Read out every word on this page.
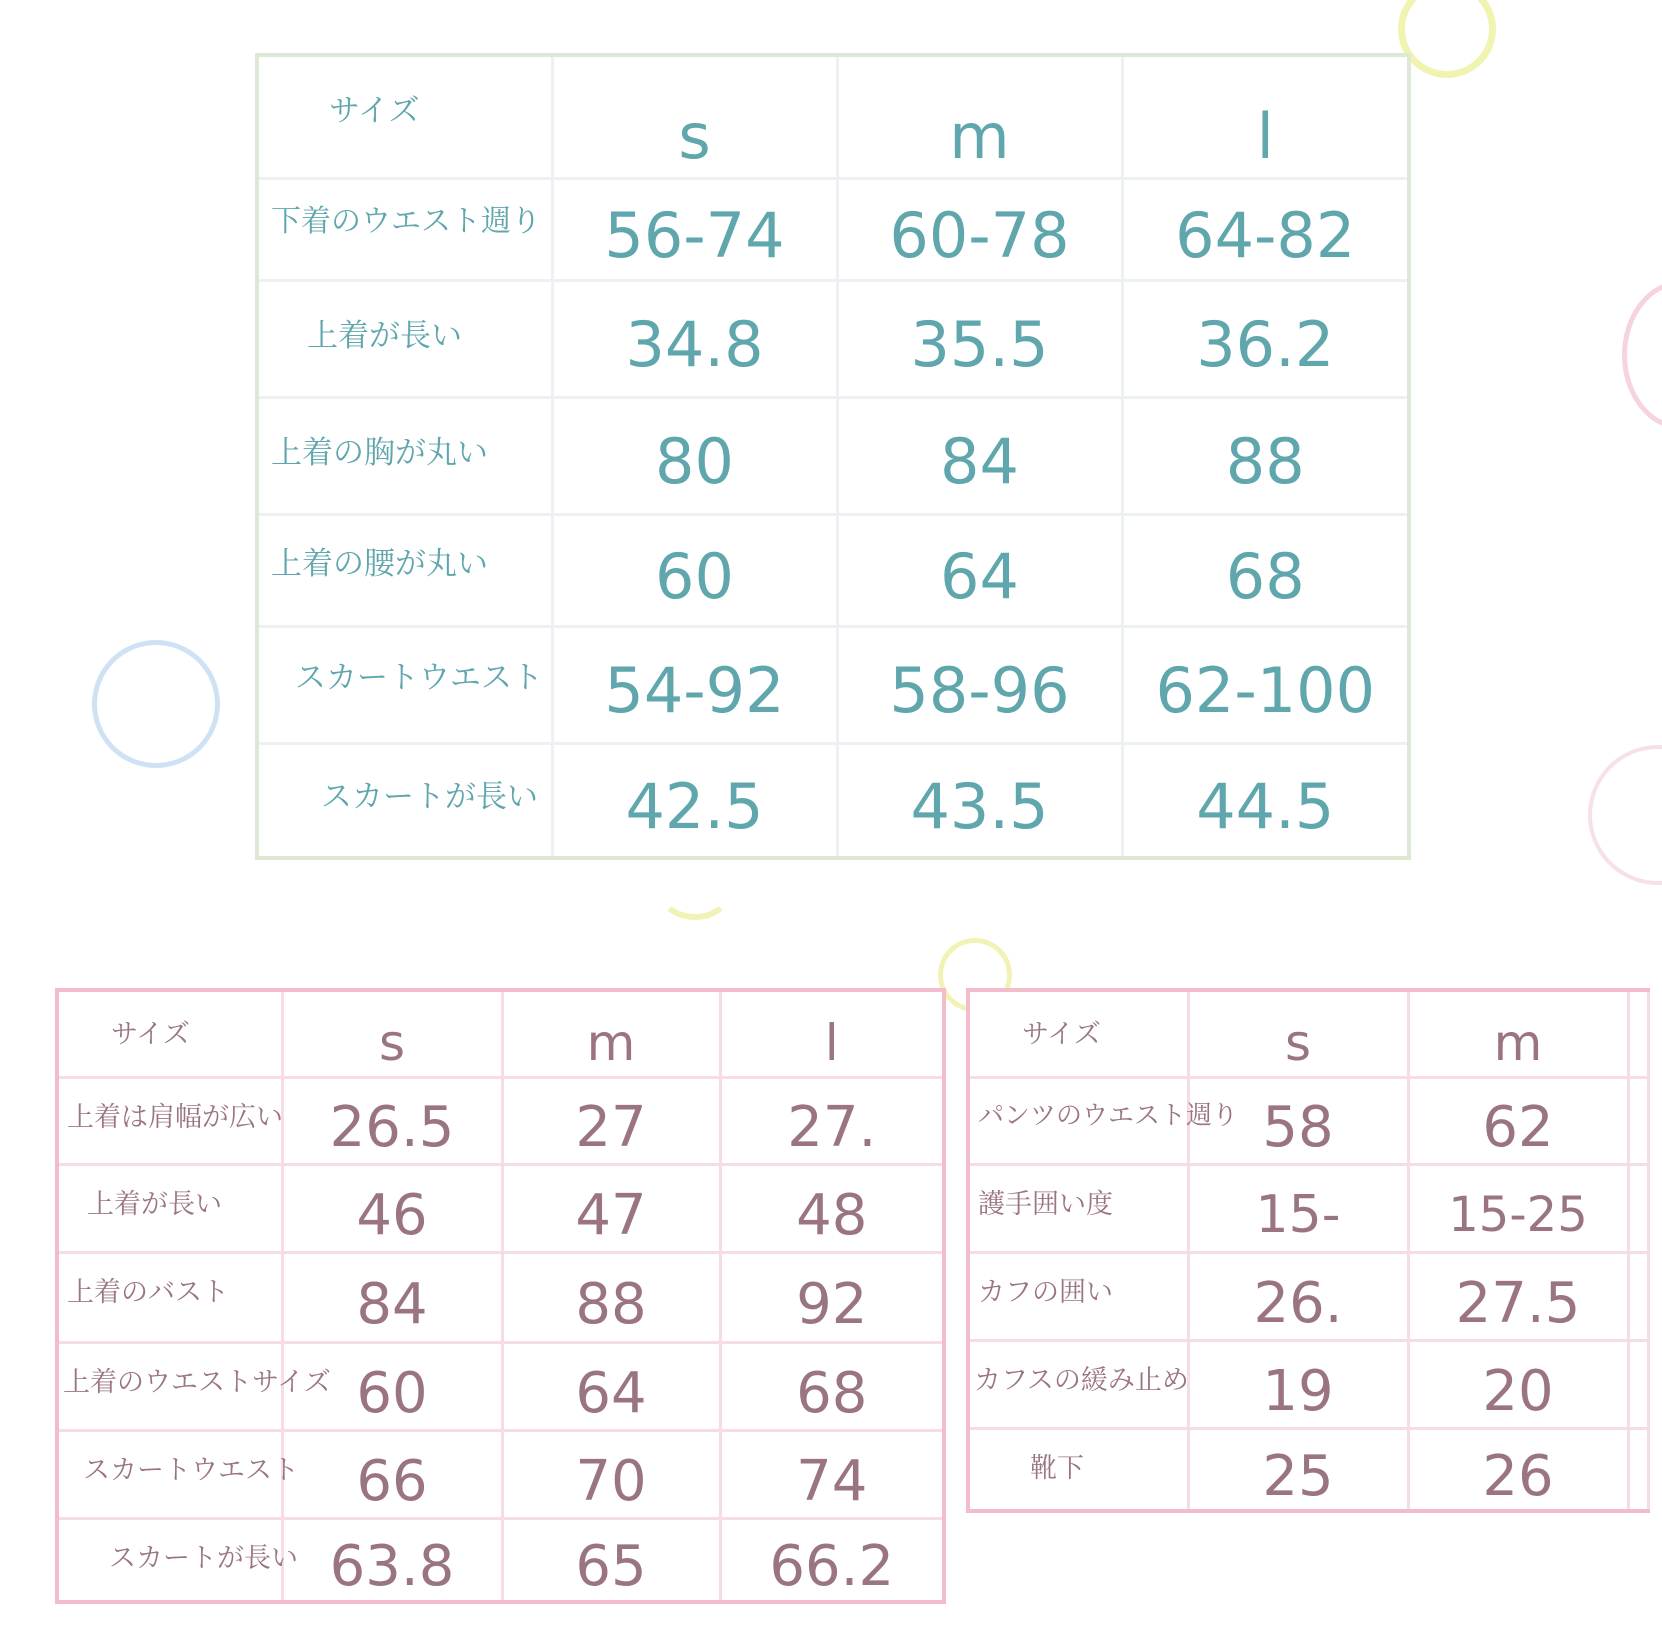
サイズ	s	m	l
下着のウエスト週り	56-74	60-78	64-82
上着が長い	34.8	35.5	36.2
上着の胸が丸い	80	84	88
上着の腰が丸い	60	64	68
スカートウエスト	54-92	58-96	62-100
スカートが長い	42.5	43.5	44.5
サイズ	s	m	l
上着は肩幅が広い	26.5	27	27.
上着が長い	46	47	48
上着のバスト	84	88	92
上着のウエストサイズ	60	64	68
スカートウエスト	66	70	74
スカートが長い	63.8	65	66.2
サイズ	s	m	
パンツのウエスト週り	58	62	
護手囲い度	15-	15-25	
カフの囲い	26.	27.5	
カフスの緩み止め	19	20	
靴下	25	26	
